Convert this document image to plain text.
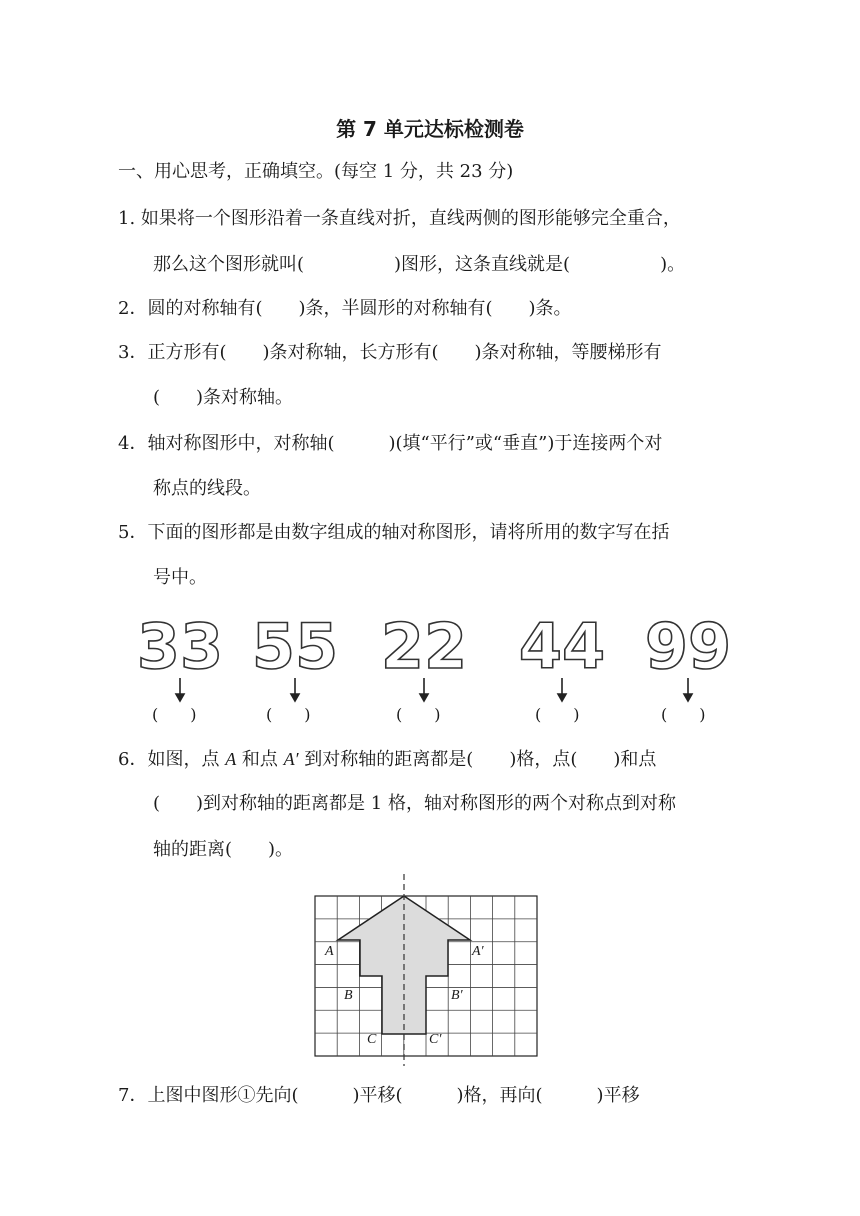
第 7 单元达标检测卷
一、用心思考，正确填空。(每空 1 分，共 23 分)
1. 如果将一个图形沿着一条直线对折，直线两侧的图形能够完全重合，
那么这个图形就叫(　　　　　)图形，这条直线就是(　　　　　)。
2．圆的对称轴有(　　)条，半圆形的对称轴有(　　)条。
3．正方形有(　　)条对称轴，长方形有(　　)条对称轴，等腰梯形有
(　　)条对称轴。
4．轴对称图形中，对称轴(　　　)(填“平行”或“垂直”)于连接两个对
称点的线段。
5．下面的图形都是由数字组成的轴对称图形，请将所用的数字写在括
号中。
33 55 22 44 99
(　　)	(　　)	(　　)	(　　)	(　　)
6．如图，点 A 和点 A′ 到对称轴的距离都是(　　)格，点(　　)和点
(　　)到对称轴的距离都是 1 格，轴对称图形的两个对称点到对称
轴的距离(　　)。
A	A′
B	B′
C	C′
7．上图中图形①先向(　　　)平移(　　　)格，再向(　　　)平移
